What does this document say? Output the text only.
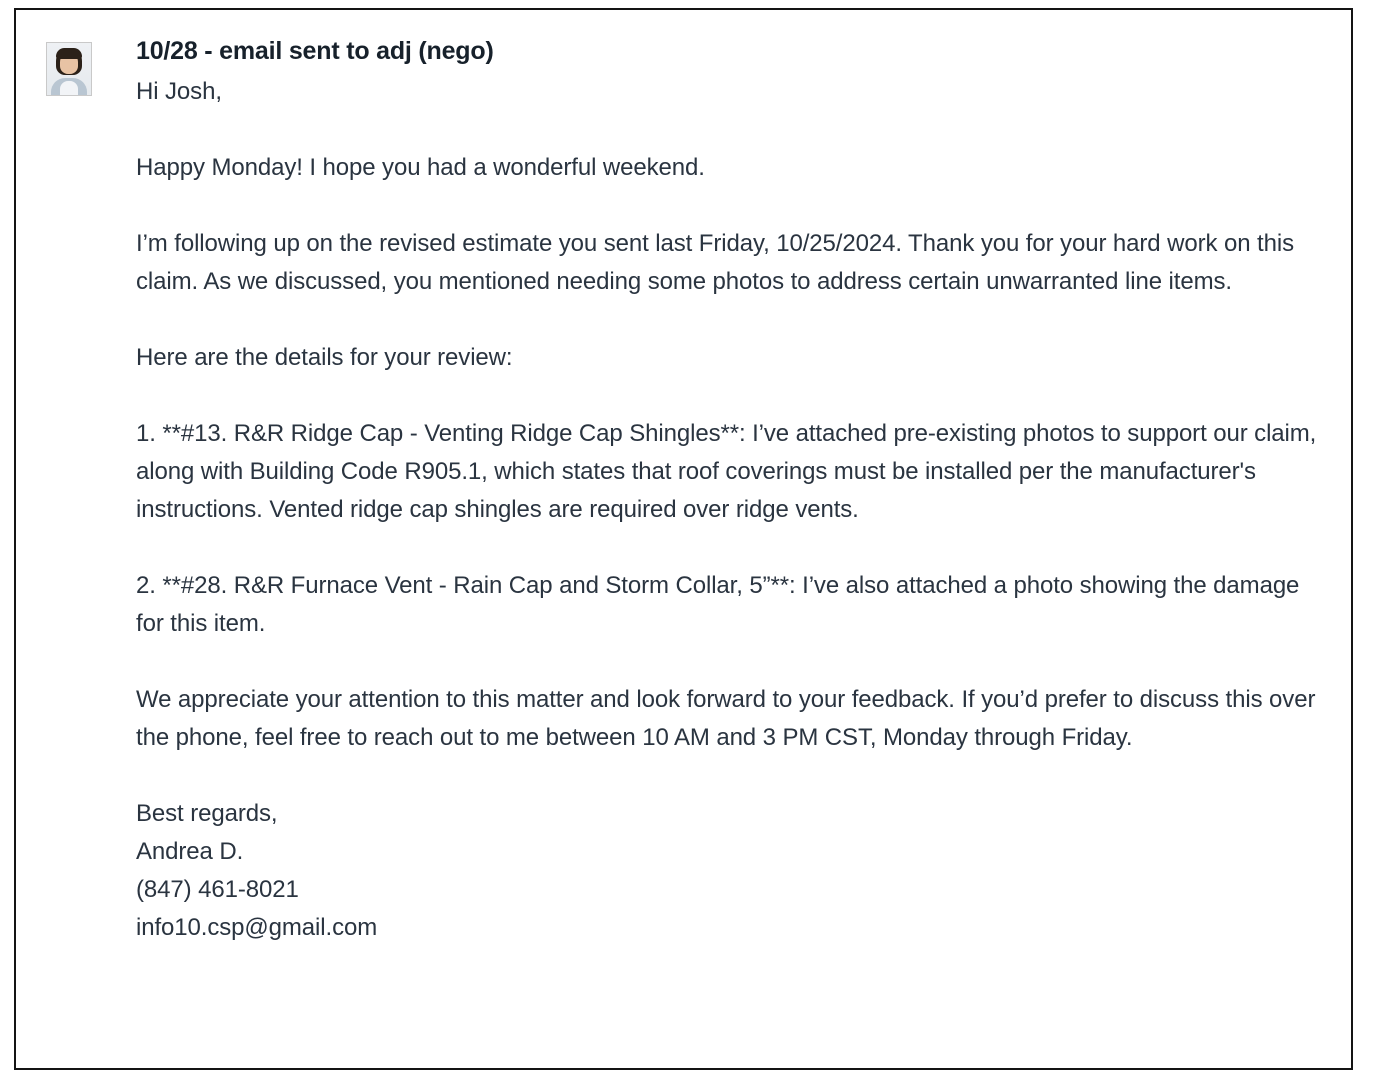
10/28 - email sent to adj (nego)

Hi Josh,

Happy Monday! I hope you had a wonderful weekend.

I’m following up on the revised estimate you sent last Friday, 10/25/2024. Thank you for your hard work on this claim. As we discussed, you mentioned needing some photos to address certain unwarranted line items.

Here are the details for your review:

1. **#13. R&R Ridge Cap - Venting Ridge Cap Shingles**: I’ve attached pre-existing photos to support our claim, along with Building Code R905.1, which states that roof coverings must be installed per the manufacturer's instructions. Vented ridge cap shingles are required over ridge vents.

2. **#28. R&R Furnace Vent - Rain Cap and Storm Collar, 5”**: I’ve also attached a photo showing the damage for this item.

We appreciate your attention to this matter and look forward to your feedback. If you’d prefer to discuss this over the phone, feel free to reach out to me between 10 AM and 3 PM CST, Monday through Friday.

Best regards,

Andrea D.

(847) 461-8021

info10.csp@gmail.com
